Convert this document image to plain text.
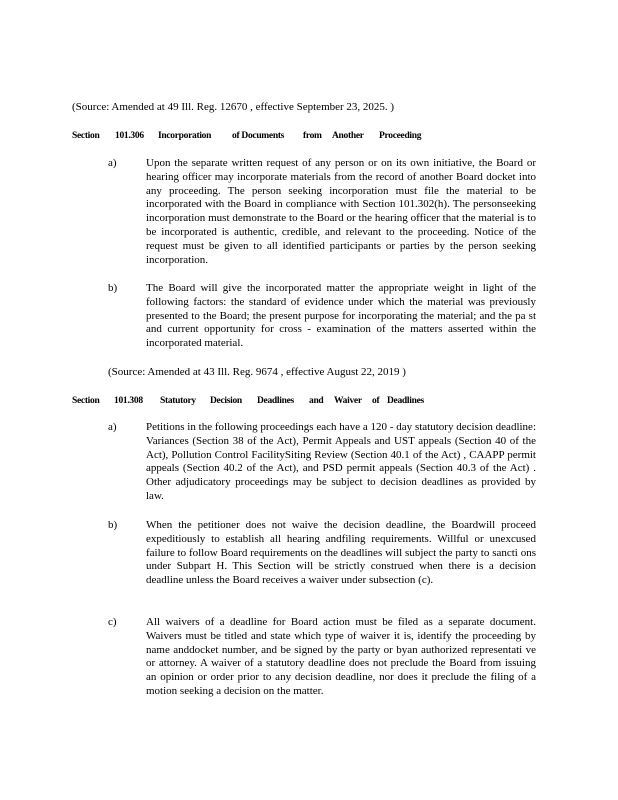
(Source: Amended at 49 Ill. Reg. 12670 , effective September 23, 2025. )
Section 101.306 Incorporation of Documents from Another Proceeding
a)	Upon the separate written request of any person or on its own initiative, the Board or hearing officer may incorporate materials from the record of another Board docket into any proceeding. The person seeking incorporation must file the material to be incorporated with the Board in compliance with Section 101.302(h). The personseeking incorporation must demonstrate to the Board or the hearing officer that the material is to be incorporated is authentic, credible, and relevant to the proceeding. Notice of the request must be given to all identified participants or parties by the person seeking incorporation.
b)	The Board will give the incorporated matter the appropriate weight in light of the following factors: the standard of evidence under which the material was previously presented to the Board; the present purpose for incorporating the material; and the pa st and current opportunity for cross - examination of the matters asserted within the incorporated material.
(Source: Amended at 43 Ill. Reg. 9674 , effective August 22, 2019 )
Section 101.308 Statutory Decision Deadlines and Waiver of Deadlines
a)	Petitions in the following proceedings each have a 120 - day statutory decision deadline: Variances (Section 38 of the Act), Permit Appeals and UST appeals (Section 40 of the Act), Pollution Control FacilitySiting Review (Section 40.1 of the Act) , CAAPP permit appeals (Section 40.2 of the Act), and PSD permit appeals (Section 40.3 of the Act) . Other adjudicatory proceedings may be subject to decision deadlines as provided by law.
b)	When the petitioner does not waive the decision deadline, the Boardwill proceed expeditiously to establish all hearing andfiling requirements. Willful or unexcused failure to follow Board requirements on the deadlines will subject the party to sancti ons under Subpart H. This Section will be strictly construed when there is a decision deadline unless the Board receives a waiver under subsection (c).
c)	All waivers of a deadline for Board action must be filed as a separate document. Waivers must be titled and state which type of waiver it is, identify the proceeding by name anddocket number, and be signed by the party or byan authorized representati ve or attorney. A waiver of a statutory deadline does not preclude the Board from issuing an opinion or order prior to any decision deadline, nor does it preclude the filing of a motion seeking a decision on the matter.
